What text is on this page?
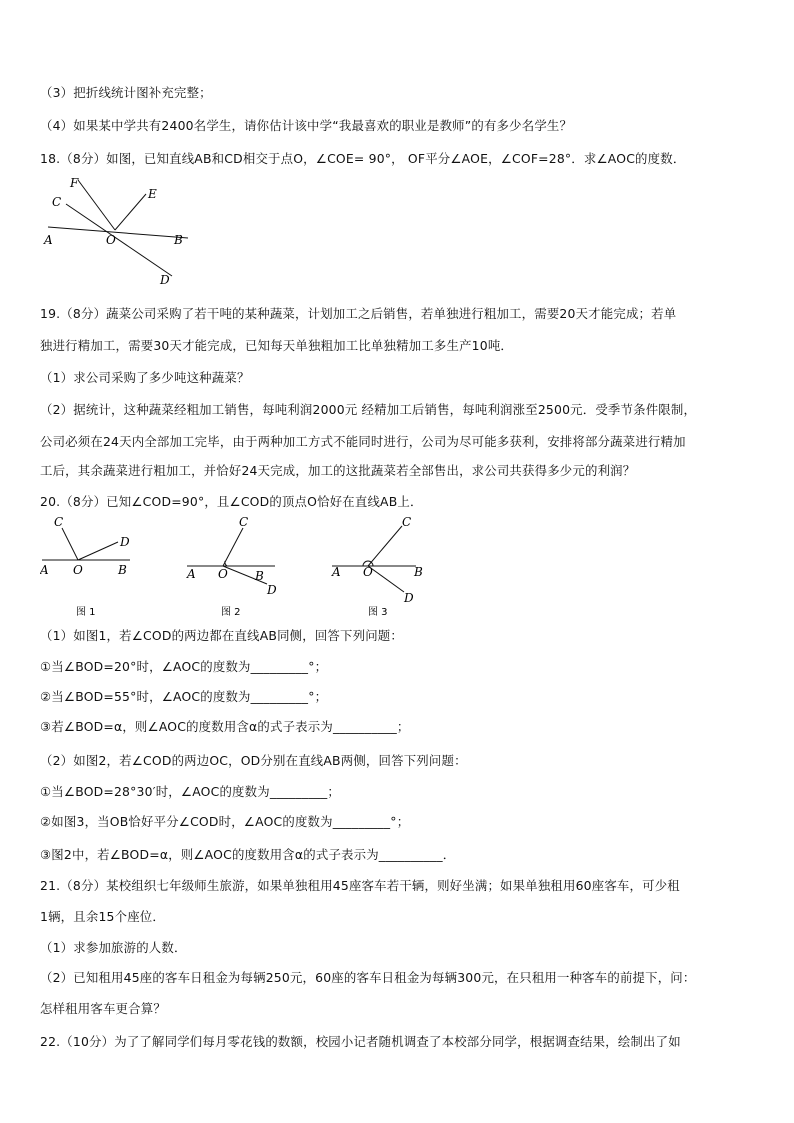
（3）把折线统计图补充完整；
（4）如果某中学共有2400名学生，请你估计该中学“我最喜欢的职业是教师”的有多少名学生？
18.（8分）如图，已知直线AB和CD相交于点O，∠COE= 90°， OF平分∠AOE，∠COF=28°．求∠AOC的度数．
F
C
E
A	O	B
D
19.（8分）蔬菜公司采购了若干吨的某种蔬菜，计划加工之后销售，若单独进行粗加工，需要20天才能完成；若单
独进行精加工，需要30天才能完成，已知每天单独粗加工比单独精加工多生产10吨．
（1）求公司采购了多少吨这种蔬菜？
（2）据统计，这种蔬菜经粗加工销售，每吨利润2000元 经精加工后销售，每吨利润涨至2500元．受季节条件限制，
公司必须在24天内全部加工完毕，由于两种加工方式不能同时进行，公司为尽可能多获利，安排将部分蔬菜进行精加
工后，其余蔬菜进行粗加工，并恰好24天完成，加工的这批蔬菜若全部售出，求公司共获得多少元的利润？
20.（8分）已知∠COD=90°，且∠COD的顶点O恰好在直线AB上．
C
D
A O	B
图 1
C
A O B
D
图 2
C
A O	B
D
图 3
（1）如图1，若∠COD的两边都在直线AB同侧，回答下列问题：
①当∠BOD=20°时，∠AOC的度数为_________°；
②当∠BOD=55°时，∠AOC的度数为_________°；
③若∠BOD=α，则∠AOC的度数用含α的式子表示为__________；
（2）如图2，若∠COD的两边OC，OD分别在直线AB两侧，回答下列问题：
①当∠BOD=28°30′时，∠AOC的度数为_________；
②如图3，当OB恰好平分∠COD时，∠AOC的度数为_________°；
③图2中，若∠BOD=α，则∠AOC的度数用含α的式子表示为__________．
21.（8分）某校组织七年级师生旅游，如果单独租用45座客车若干辆，则好坐满；如果单独租用60座客车，可少租
1辆，且余15个座位．
（1）求参加旅游的人数．
（2）已知租用45座的客车日租金为每辆250元，60座的客车日租金为每辆300元，在只租用一种客车的前提下，问：
怎样租用客车更合算？
22.（10分）为了了解同学们每月零花钱的数额，校园小记者随机调查了本校部分同学，根据调查结果，绘制出了如
